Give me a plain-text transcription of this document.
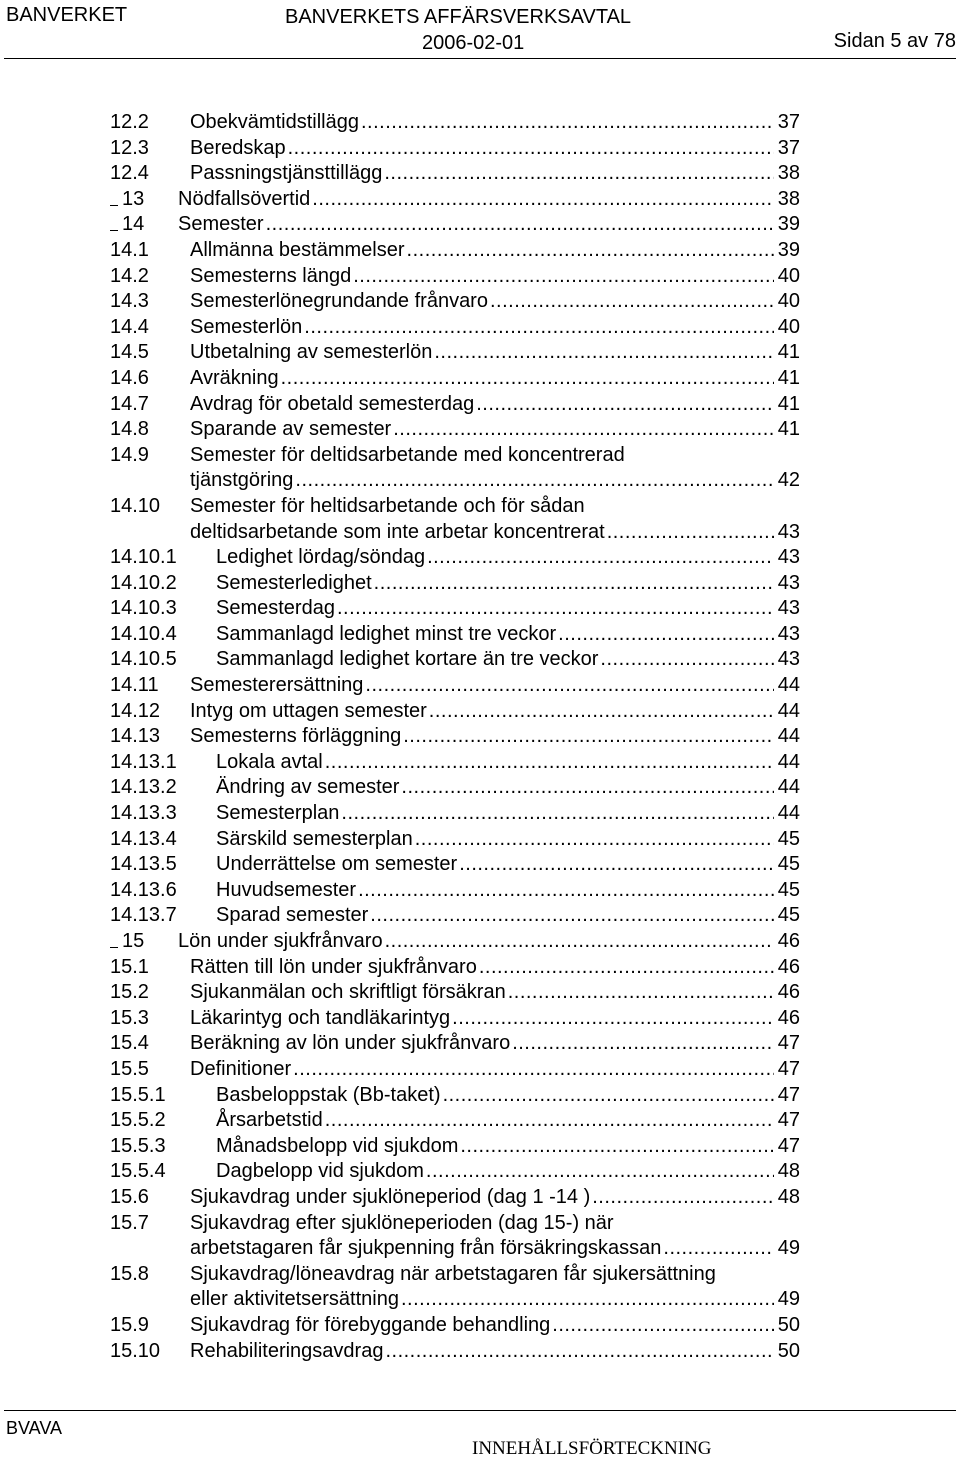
BANVERKET	BANVERKETS AFFÄRSVERKSAVTAL
2006-02-01	Sidan 5 av 78
12.2 Obekvämtidstillägg .....	37
12.3 Beredskap .....	37
12.4 Passningstjänsttillägg .....	38
13 Nödfallsövertid .....	38
14 Semester .....	39
14.1 Allmänna bestämmelser .....	39
14.2 Semesterns längd .....	40
14.3 Semesterlönegrundande frånvaro .....	40
14.4 Semesterlön .....	40
14.5 Utbetalning av semesterlön .....	41
14.6 Avräkning .....	41
14.7 Avdrag för obetald semesterdag .....	41
14.8 Sparande av semester .....	41
14.9 Semester för deltidsarbetande med koncentrerad
tjänstgöring .....	42
14.10 Semester för heltidsarbetande och för sådan
deltidsarbetande som inte arbetar koncentrerat .....	43
14.10.1 Ledighet lördag/söndag .....	43
14.10.2 Semesterledighet .....	43
14.10.3 Semesterdag .....	43
14.10.4 Sammanlagd ledighet minst tre veckor .....	43
14.10.5 Sammanlagd ledighet kortare än tre veckor .....	43
14.11 Semesterersättning .....	44
14.12 Intyg om uttagen semester .....	44
14.13 Semesterns förläggning .....	44
14.13.1 Lokala avtal .....	44
14.13.2 Ändring av semester .....	44
14.13.3 Semesterplan .....	44
14.13.4 Särskild semesterplan .....	45
14.13.5 Underrättelse om semester .....	45
14.13.6 Huvudsemester .....	45
14.13.7 Sparad semester .....	45
15 Lön under sjukfrånvaro .....	46
15.1 Rätten till lön under sjukfrånvaro .....	46
15.2 Sjukanmälan och skriftligt försäkran .....	46
15.3 Läkarintyg och tandläkarintyg .....	46
15.4 Beräkning av lön under sjukfrånvaro .....	47
15.5 Definitioner .....	47
15.5.1	Basbeloppstak (Bb-taket) .....	47
15.5.2	Årsarbetstid .....	47
15.5.3	Månadsbelopp vid sjukdom .....	47
15.5.4	Dagbelopp vid sjukdom .....	48
15.6 Sjukavdrag under sjuklöneperiod (dag 1 -14 ) .....	48
15.7 Sjukavdrag efter sjuklöneperioden (dag 15-) när
arbetstagaren får sjukpenning från försäkringskassan .....	49
15.8 Sjukavdrag/löneavdrag när arbetstagaren får sjukersättning
eller aktivitetsersättning .....	49
15.9 Sjukavdrag för förebyggande behandling .....	50
15.10 Rehabiliteringsavdrag .....	50
BVAVA
INNEHÅLLSFÖRTECKNING
